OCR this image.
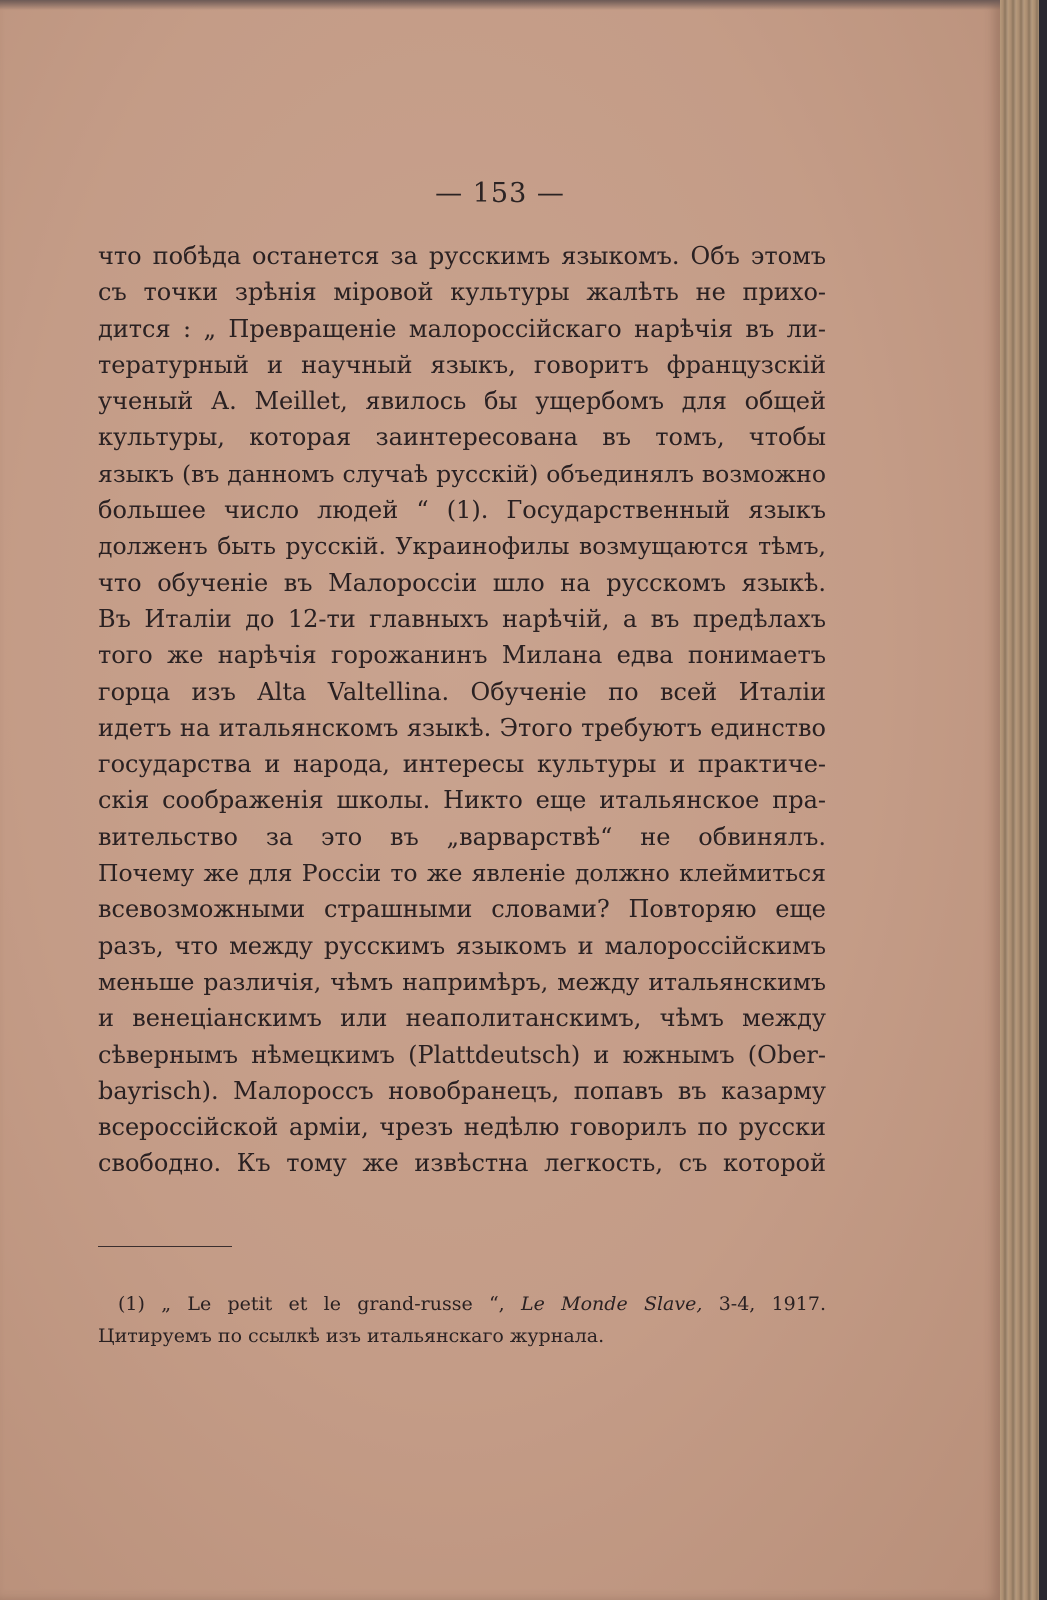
— 153 —
что побѣда останется за русскимъ языкомъ. Объ этомъ
съ точки зрѣнія міровой культуры жалѣть не прихо-
дится : „ Превращеніе малороссійскаго нарѣчія въ ли-
тературный и научный языкъ, говоритъ французскій
ученый А. Meillet, явилось бы ущербомъ для общей
культуры, которая заинтересована въ томъ, чтобы
языкъ (въ данномъ случаѣ русскій) объединялъ возможно
большее число людей “ (1). Государственный языкъ
долженъ быть русскій. Украинофилы возмущаются тѣмъ,
что обученіе въ Малороссіи шло на русскомъ языкѣ.
Въ Италіи до 12-ти главныхъ нарѣчій, а въ предѣлахъ
того же нарѣчія горожанинъ Милана едва понимаетъ
горца изъ Alta Valtellina. Обученіе по всей Италіи
идетъ на итальянскомъ языкѣ. Этого требуютъ единство
государства и народа, интересы культуры и практиче-
скія соображенія школы. Никто еще итальянское пра-
вительство за это въ „варварствѣ“ не обвинялъ.
Почему же для Россіи то же явленіе должно клеймиться
всевозможными страшными словами? Повторяю еще
разъ, что между русскимъ языкомъ и малороссійскимъ
меньше различія, чѣмъ напримѣръ, между итальянскимъ
и венеціанскимъ или неаполитанскимъ, чѣмъ между
сѣвернымъ нѣмецкимъ (Plattdeutsch) и южнымъ (Ober-
bayrisch). Малороссъ новобранецъ, попавъ въ казарму
всероссійской арміи, чрезъ недѣлю говорилъ по русски
свободно. Къ тому же извѣстна легкость, съ которой
(1) „ Le petit et le grand-russe “, Le Monde Slave, 3-4, 1917.
Цитируемъ по ссылкѣ изъ итальянскаго журнала.
